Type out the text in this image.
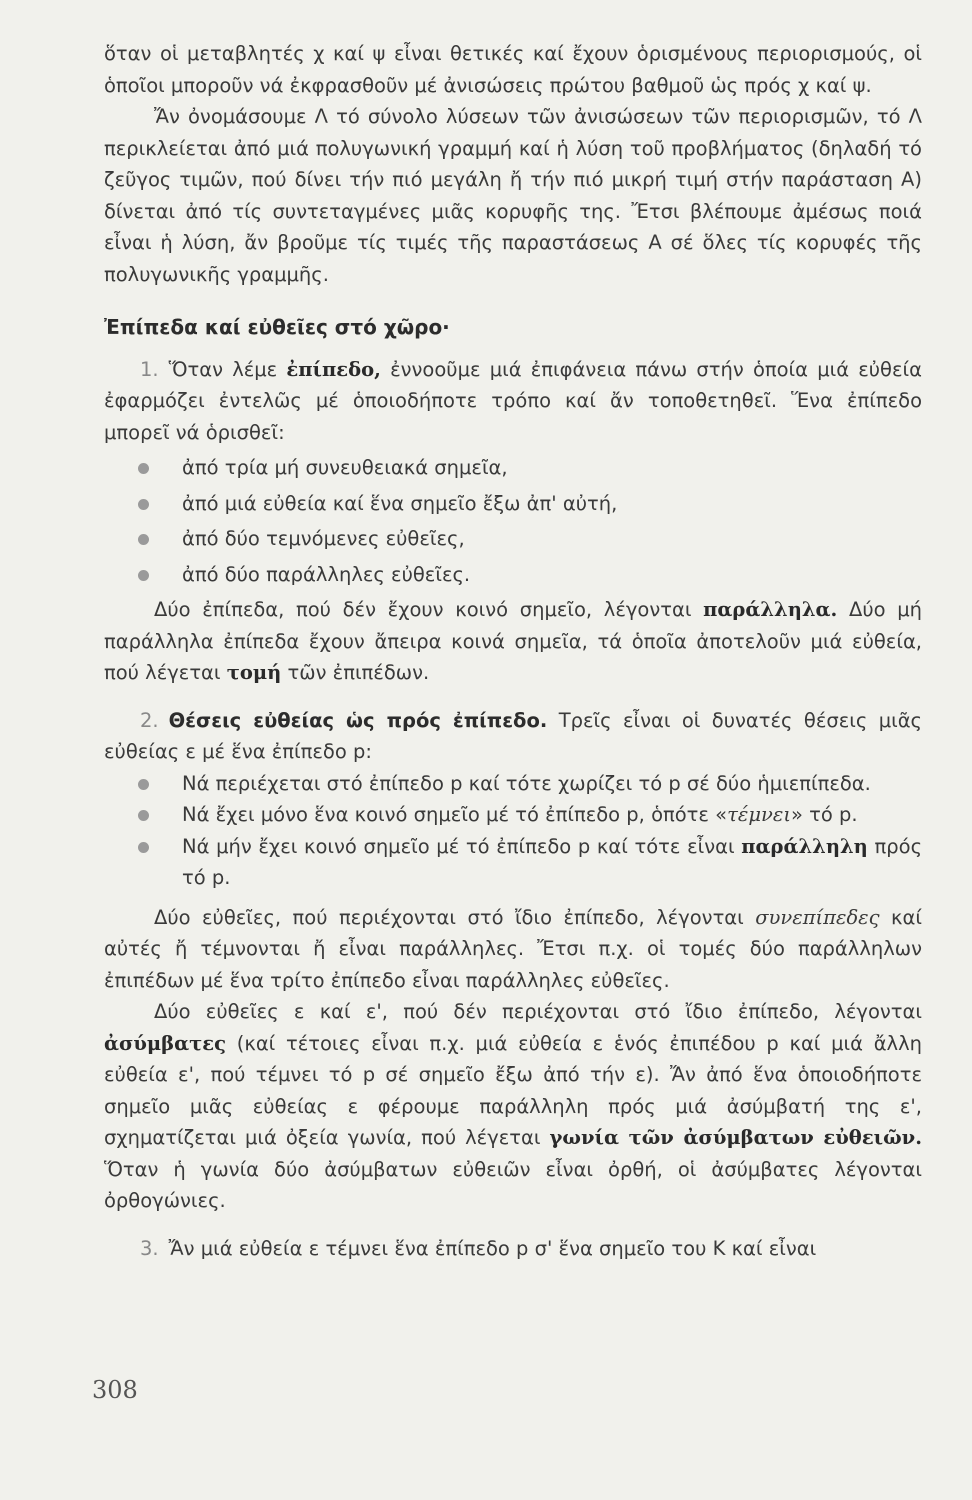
ὅταν οἱ μεταβλητές χ καί ψ εἶναι θετικές καί ἔχουν ὁρισμένους περιορισμούς, οἱ ὁποῖοι μποροῦν νά ἐκφρασθοῦν μέ ἀνισώσεις πρώτου βαθμοῦ ὡς πρός χ καί ψ.

Ἄν ὀνομάσουμε Λ τό σύνολο λύσεων τῶν ἀνισώσεων τῶν περιορισμῶν, τό Λ περικλείεται ἀπό μιά πολυγωνική γραμμή καί ἡ λύση τοῦ προβλήματος (δηλαδή τό ζεῦγος τιμῶν, πού δίνει τήν πιό μεγάλη ἤ τήν πιό μικρή τιμή στήν παράσταση Α) δίνεται ἀπό τίς συντεταγμένες μιᾶς κορυφῆς της. Ἔτσι βλέπουμε ἀμέσως ποιά εἶναι ἡ λύση, ἄν βροῦμε τίς τιμές τῆς παραστάσεως Α σέ ὅλες τίς κορυφές τῆς πολυγωνικῆς γραμμῆς.

Ἐπίπεδα καί εὐθεῖες στό χῶρο·

1. Ὅταν λέμε ἐπίπεδο, ἐννοοῦμε μιά ἐπιφάνεια πάνω στήν ὁποία μιά εὐθεία ἐφαρμόζει ἐντελῶς μέ ὁποιοδήποτε τρόπο καί ἄν τοποθετηθεῖ. Ἕνα ἐπίπεδο μπορεῖ νά ὁρισθεῖ:

ἀπό τρία μή συνευθειακά σημεῖα,
ἀπό μιά εὐθεία καί ἕνα σημεῖο ἔξω ἀπ' αὐτή,
ἀπό δύο τεμνόμενες εὐθεῖες,
ἀπό δύο παράλληλες εὐθεῖες.

Δύο ἐπίπεδα, πού δέν ἔχουν κοινό σημεῖο, λέγονται παράλληλα. Δύο μή παράλληλα ἐπίπεδα ἔχουν ἄπειρα κοινά σημεῖα, τά ὁποῖα ἀποτελοῦν μιά εὐθεία, πού λέγεται τομή τῶν ἐπιπέδων.

2. Θέσεις εὐθείας ὡς πρός ἐπίπεδο. Τρεῖς εἶναι οἱ δυνατές θέσεις μιᾶς εὐθείας ε μέ ἕνα ἐπίπεδο p:

Νά περιέχεται στό ἐπίπεδο p καί τότε χωρίζει τό p σέ δύο ἡμιεπίπεδα.
Νά ἔχει μόνο ἕνα κοινό σημεῖο μέ τό ἐπίπεδο p, ὁπότε «τέμνει» τό p.
Νά μήν ἔχει κοινό σημεῖο μέ τό ἐπίπεδο p καί τότε εἶναι παράλληλη πρός τό p.

Δύο εὐθεῖες, πού περιέχονται στό ἴδιο ἐπίπεδο, λέγονται συνεπίπεδες καί αὐτές ἤ τέμνονται ἤ εἶναι παράλληλες. Ἔτσι π.χ. οἱ τομές δύο παράλληλων ἐπιπέδων μέ ἕνα τρίτο ἐπίπεδο εἶναι παράλληλες εὐθεῖες.

Δύο εὐθεῖες ε καί ε', πού δέν περιέχονται στό ἴδιο ἐπίπεδο, λέγονται ἀσύμβατες (καί τέτοιες εἶναι π.χ. μιά εὐθεία ε ἑνός ἐπιπέδου p καί μιά ἄλλη εὐθεία ε', πού τέμνει τό p σέ σημεῖο ἔξω ἀπό τήν ε). Ἄν ἀπό ἕνα ὁποιοδήποτε σημεῖο μιᾶς εὐθείας ε φέρουμε παράλληλη πρός μιά ἀσύμβατή της ε', σχηματίζεται μιά ὀξεία γωνία, πού λέγεται γωνία τῶν ἀσύμβατων εὐθειῶν. Ὅταν ἡ γωνία δύο ἀσύμβατων εὐθειῶν εἶναι ὀρθή, οἱ ἀσύμβατες λέγονται ὀρθογώνιες.

3. Ἄν μιά εὐθεία ε τέμνει ἕνα ἐπίπεδο p σ' ἕνα σημεῖο του Κ καί εἶναι

308
